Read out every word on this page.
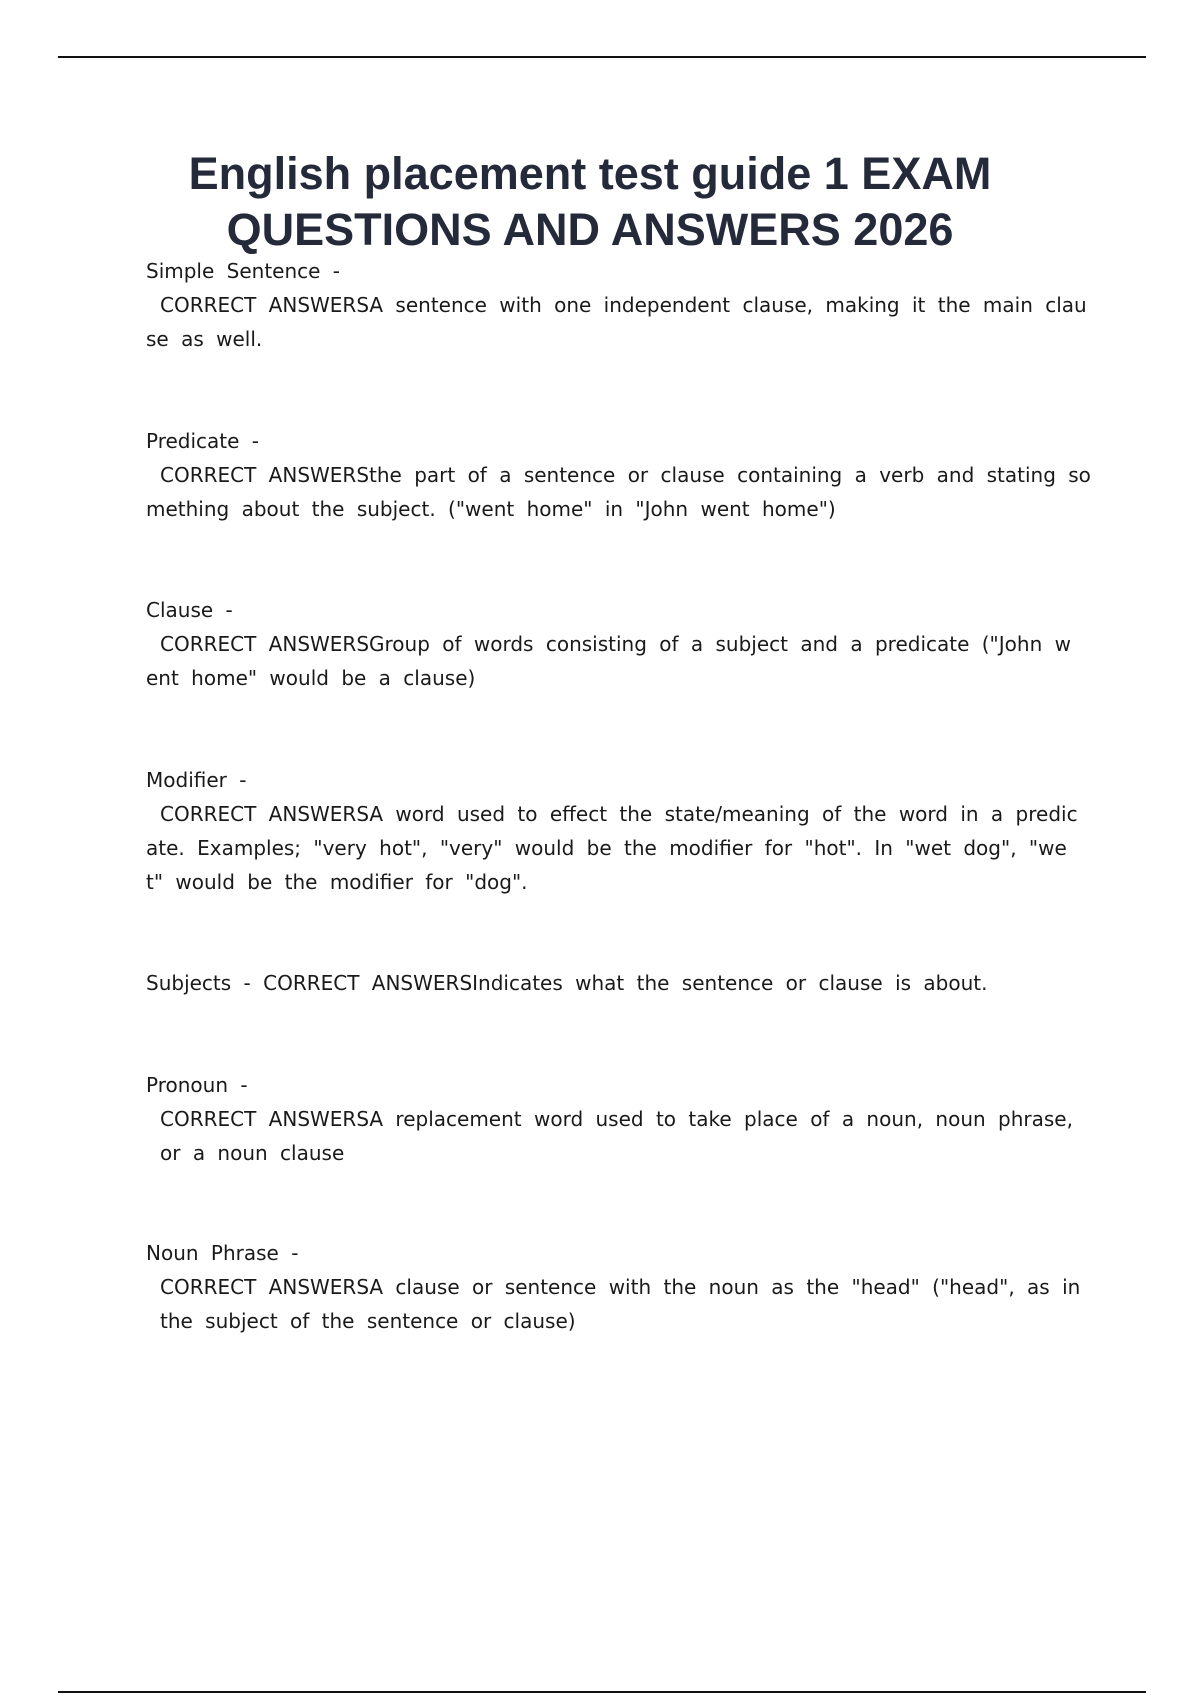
English placement test guide 1 EXAM
QUESTIONS AND ANSWERS 2026
Simple Sentence -
CORRECT ANSWERSA sentence with one independent clause, making it the main clau
se as well.
Predicate -
CORRECT ANSWERSthe part of a sentence or clause containing a verb and stating so
mething about the subject. ("went home" in "John went home")
Clause -
CORRECT ANSWERSGroup of words consisting of a subject and a predicate ("John w
ent home" would be a clause)
Modifier -
CORRECT ANSWERSA word used to effect the state/meaning of the word in a predic
ate. Examples; "very hot", "very" would be the modifier for "hot". In "wet dog", "we
t" would be the modifier for "dog".
Subjects - CORRECT ANSWERSIndicates what the sentence or clause is about.
Pronoun -
CORRECT ANSWERSA replacement word used to take place of a noun, noun phrase,
or a noun clause
Noun Phrase -
CORRECT ANSWERSA clause or sentence with the noun as the "head" ("head", as in
the subject of the sentence or clause)
